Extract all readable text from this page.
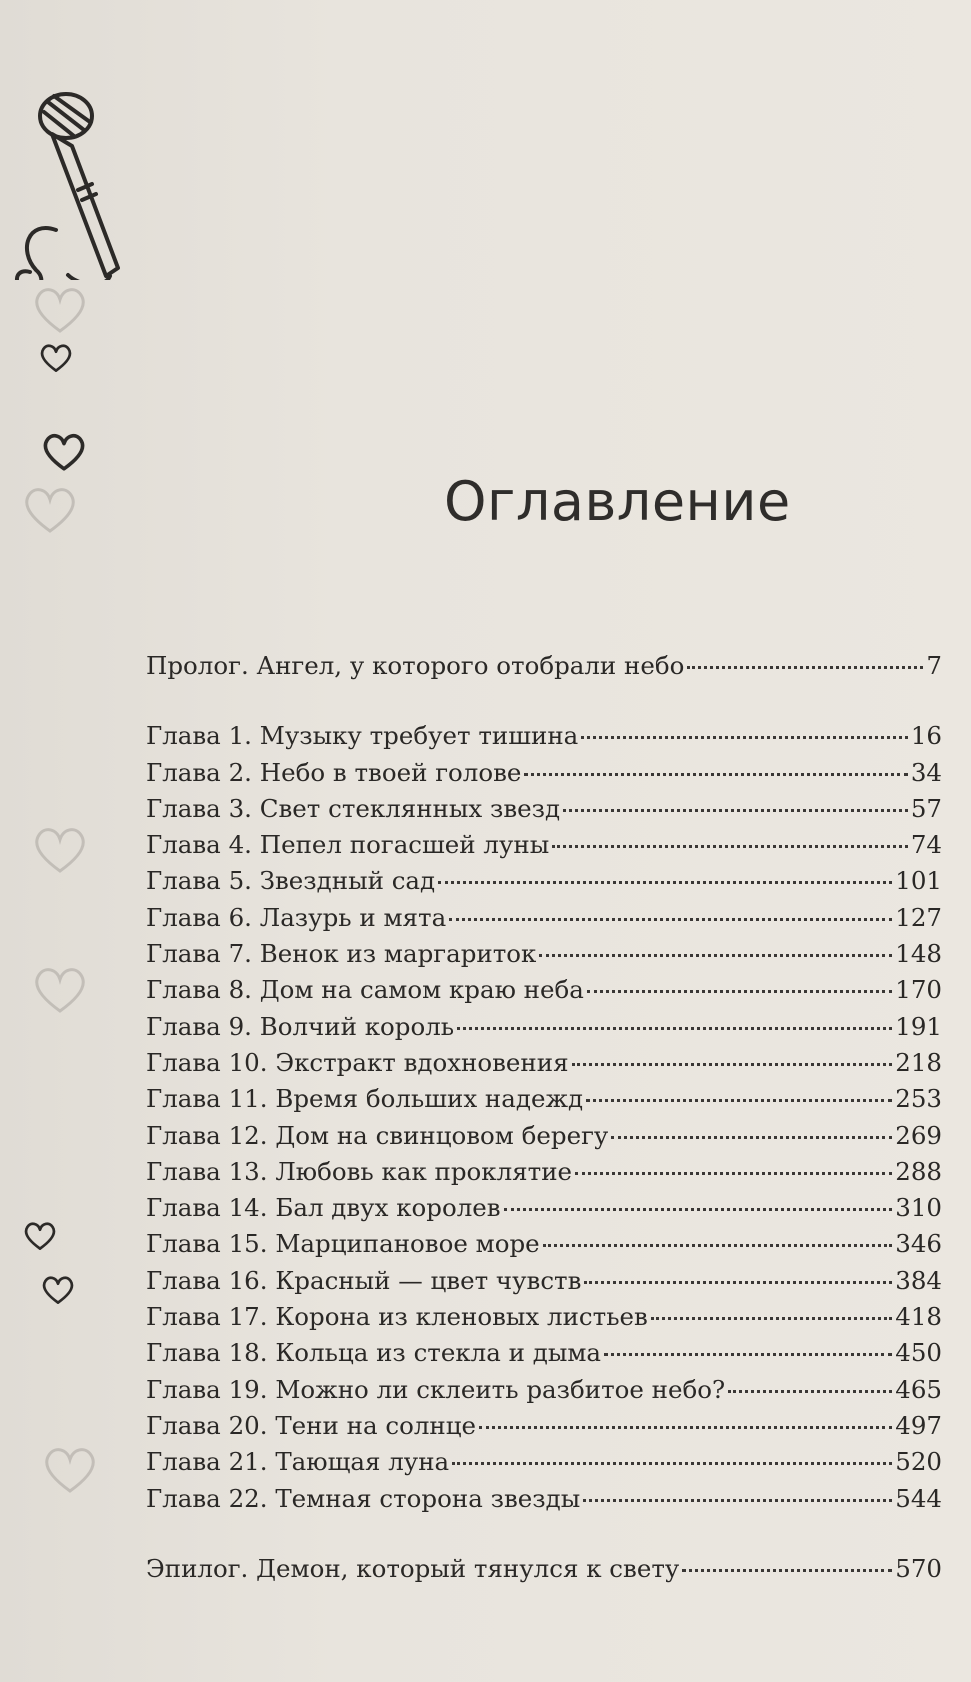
Оглавление
Пролог. Ангел, у которого отобрали небо	7
Глава 1. Музыку требует тишина	16
Глава 2. Небо в твоей голове	34
Глава 3. Свет стеклянных звезд	57
Глава 4. Пепел погасшей луны	74
Глава 5. Звездный сад	101
Глава 6. Лазурь и мята	127
Глава 7. Венок из маргариток	148
Глава 8. Дом на самом краю неба	170
Глава 9. Волчий король	191
Глава 10. Экстракт вдохновения	218
Глава 11. Время больших надежд	253
Глава 12. Дом на свинцовом берегу	269
Глава 13. Любовь как проклятие	288
Глава 14. Бал двух королев	310
Глава 15. Марципановое море	346
Глава 16. Красный — цвет чувств	384
Глава 17. Корона из кленовых листьев	418
Глава 18. Кольца из стекла и дыма	450
Глава 19. Можно ли склеить разбитое небо?	465
Глава 20. Тени на солнце	497
Глава 21. Тающая луна	520
Глава 22. Темная сторона звезды	544
Эпилог. Демон, который тянулся к свету	570
